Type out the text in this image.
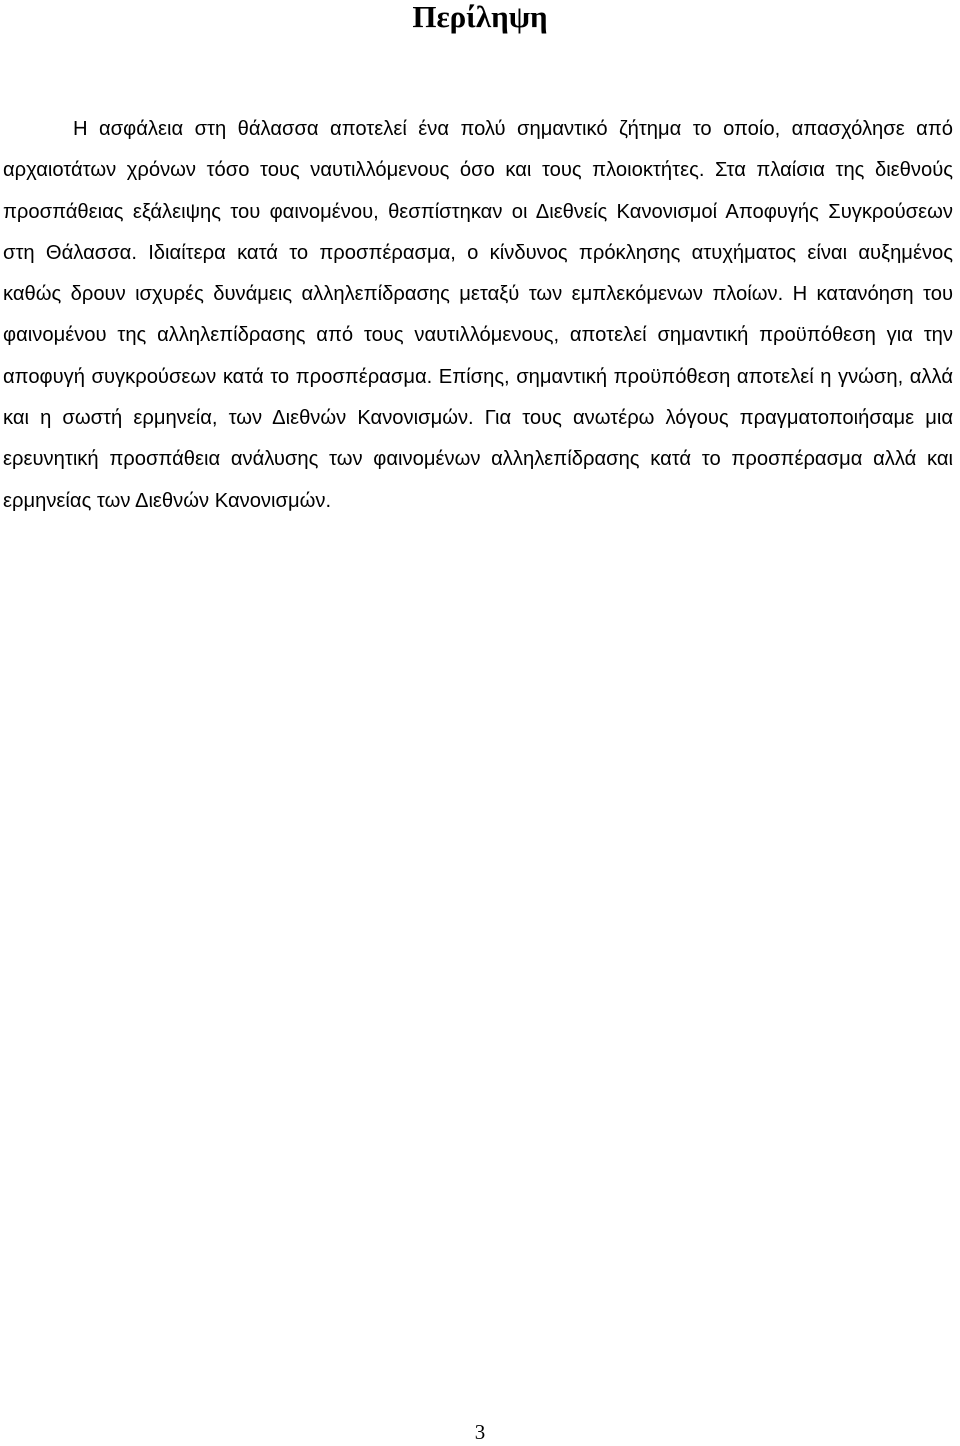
Περίληψη

Η ασφάλεια στη θάλασσα αποτελεί ένα πολύ σημαντικό ζήτημα το οποίο, απασχόλησε από αρχαιοτάτων χρόνων τόσο τους ναυτιλλόμενους όσο και τους πλοιοκτήτες. Στα πλαίσια της διεθνούς προσπάθειας εξάλειψης του φαινομένου, θεσπίστηκαν οι Διεθνείς Κανονισμοί Αποφυγής Συγκρούσεων στη Θάλασσα. Ιδιαίτερα κατά το προσπέρασμα, ο κίνδυνος πρόκλησης ατυχήματος είναι αυξημένος καθώς δρουν ισχυρές δυνάμεις αλληλεπίδρασης μεταξύ των εμπλεκόμενων πλοίων. Η κατανόηση του φαινομένου της αλληλεπίδρασης από τους ναυτιλλόμενους, αποτελεί σημαντική προϋπόθεση για την αποφυγή συγκρούσεων κατά το προσπέρασμα. Επίσης, σημαντική προϋπόθεση αποτελεί η γνώση, αλλά και η σωστή ερμηνεία, των Διεθνών Κανονισμών. Για τους ανωτέρω λόγους πραγματοποιήσαμε μια ερευνητική προσπάθεια ανάλυσης των φαινομένων αλληλεπίδρασης κατά το προσπέρασμα αλλά και ερμηνείας των Διεθνών Κανονισμών.

3
